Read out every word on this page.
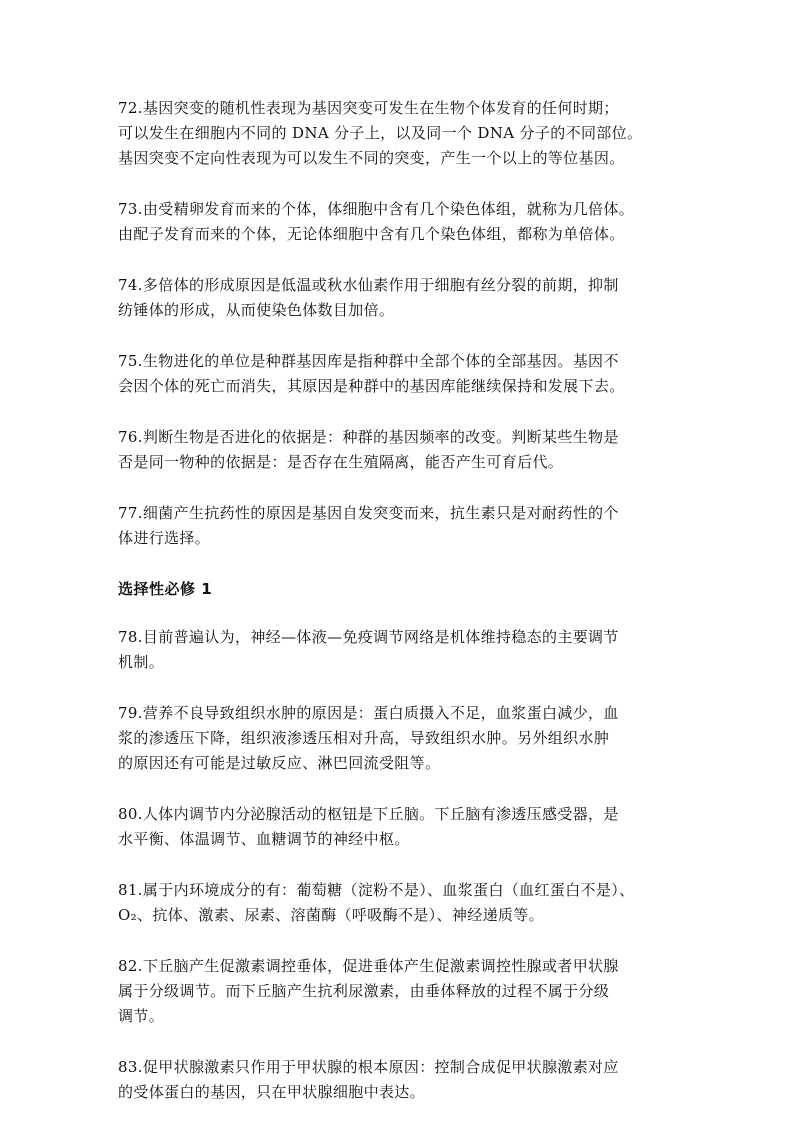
72.基因突变的随机性表现为基因突变可发生在生物个体发育的任何时期；
可以发生在细胞内不同的 DNA 分子上，以及同一个 DNA 分子的不同部位。
基因突变不定向性表现为可以发生不同的突变，产生一个以上的等位基因。
73.由受精卵发育而来的个体，体细胞中含有几个染色体组，就称为几倍体。
由配子发育而来的个体，无论体细胞中含有几个染色体组，都称为单倍体。
74.多倍体的形成原因是低温或秋水仙素作用于细胞有丝分裂的前期，抑制
纺锤体的形成，从而使染色体数目加倍。
75.生物进化的单位是种群基因库是指种群中全部个体的全部基因。基因不
会因个体的死亡而消失，其原因是种群中的基因库能继续保持和发展下去。
76.判断生物是否进化的依据是：种群的基因频率的改变。判断某些生物是
否是同一物种的依据是：是否存在生殖隔离，能否产生可育后代。
77.细菌产生抗药性的原因是基因自发突变而来，抗生素只是对耐药性的个
体进行选择。
选择性必修 1
78.目前普遍认为，神经—体液—免疫调节网络是机体维持稳态的主要调节
机制。
79.营养不良导致组织水肿的原因是：蛋白质摄入不足，血浆蛋白减少，血
浆的渗透压下降，组织液渗透压相对升高，导致组织水肿。另外组织水肿
的原因还有可能是过敏反应、淋巴回流受阻等。
80.人体内调节内分泌腺活动的枢钮是下丘脑。下丘脑有渗透压感受器，是
水平衡、体温调节、血糖调节的神经中枢。
81.属于内环境成分的有：葡萄糖（淀粉不是）、血浆蛋白（血红蛋白不是）、
O₂、抗体、激素、尿素、溶菌酶（呼吸酶不是）、神经递质等。
82.下丘脑产生促激素调控垂体，促进垂体产生促激素调控性腺或者甲状腺
属于分级调节。而下丘脑产生抗利尿激素，由垂体释放的过程不属于分级
调节。
83.促甲状腺激素只作用于甲状腺的根本原因：控制合成促甲状腺激素对应
的受体蛋白的基因，只在甲状腺细胞中表达。
